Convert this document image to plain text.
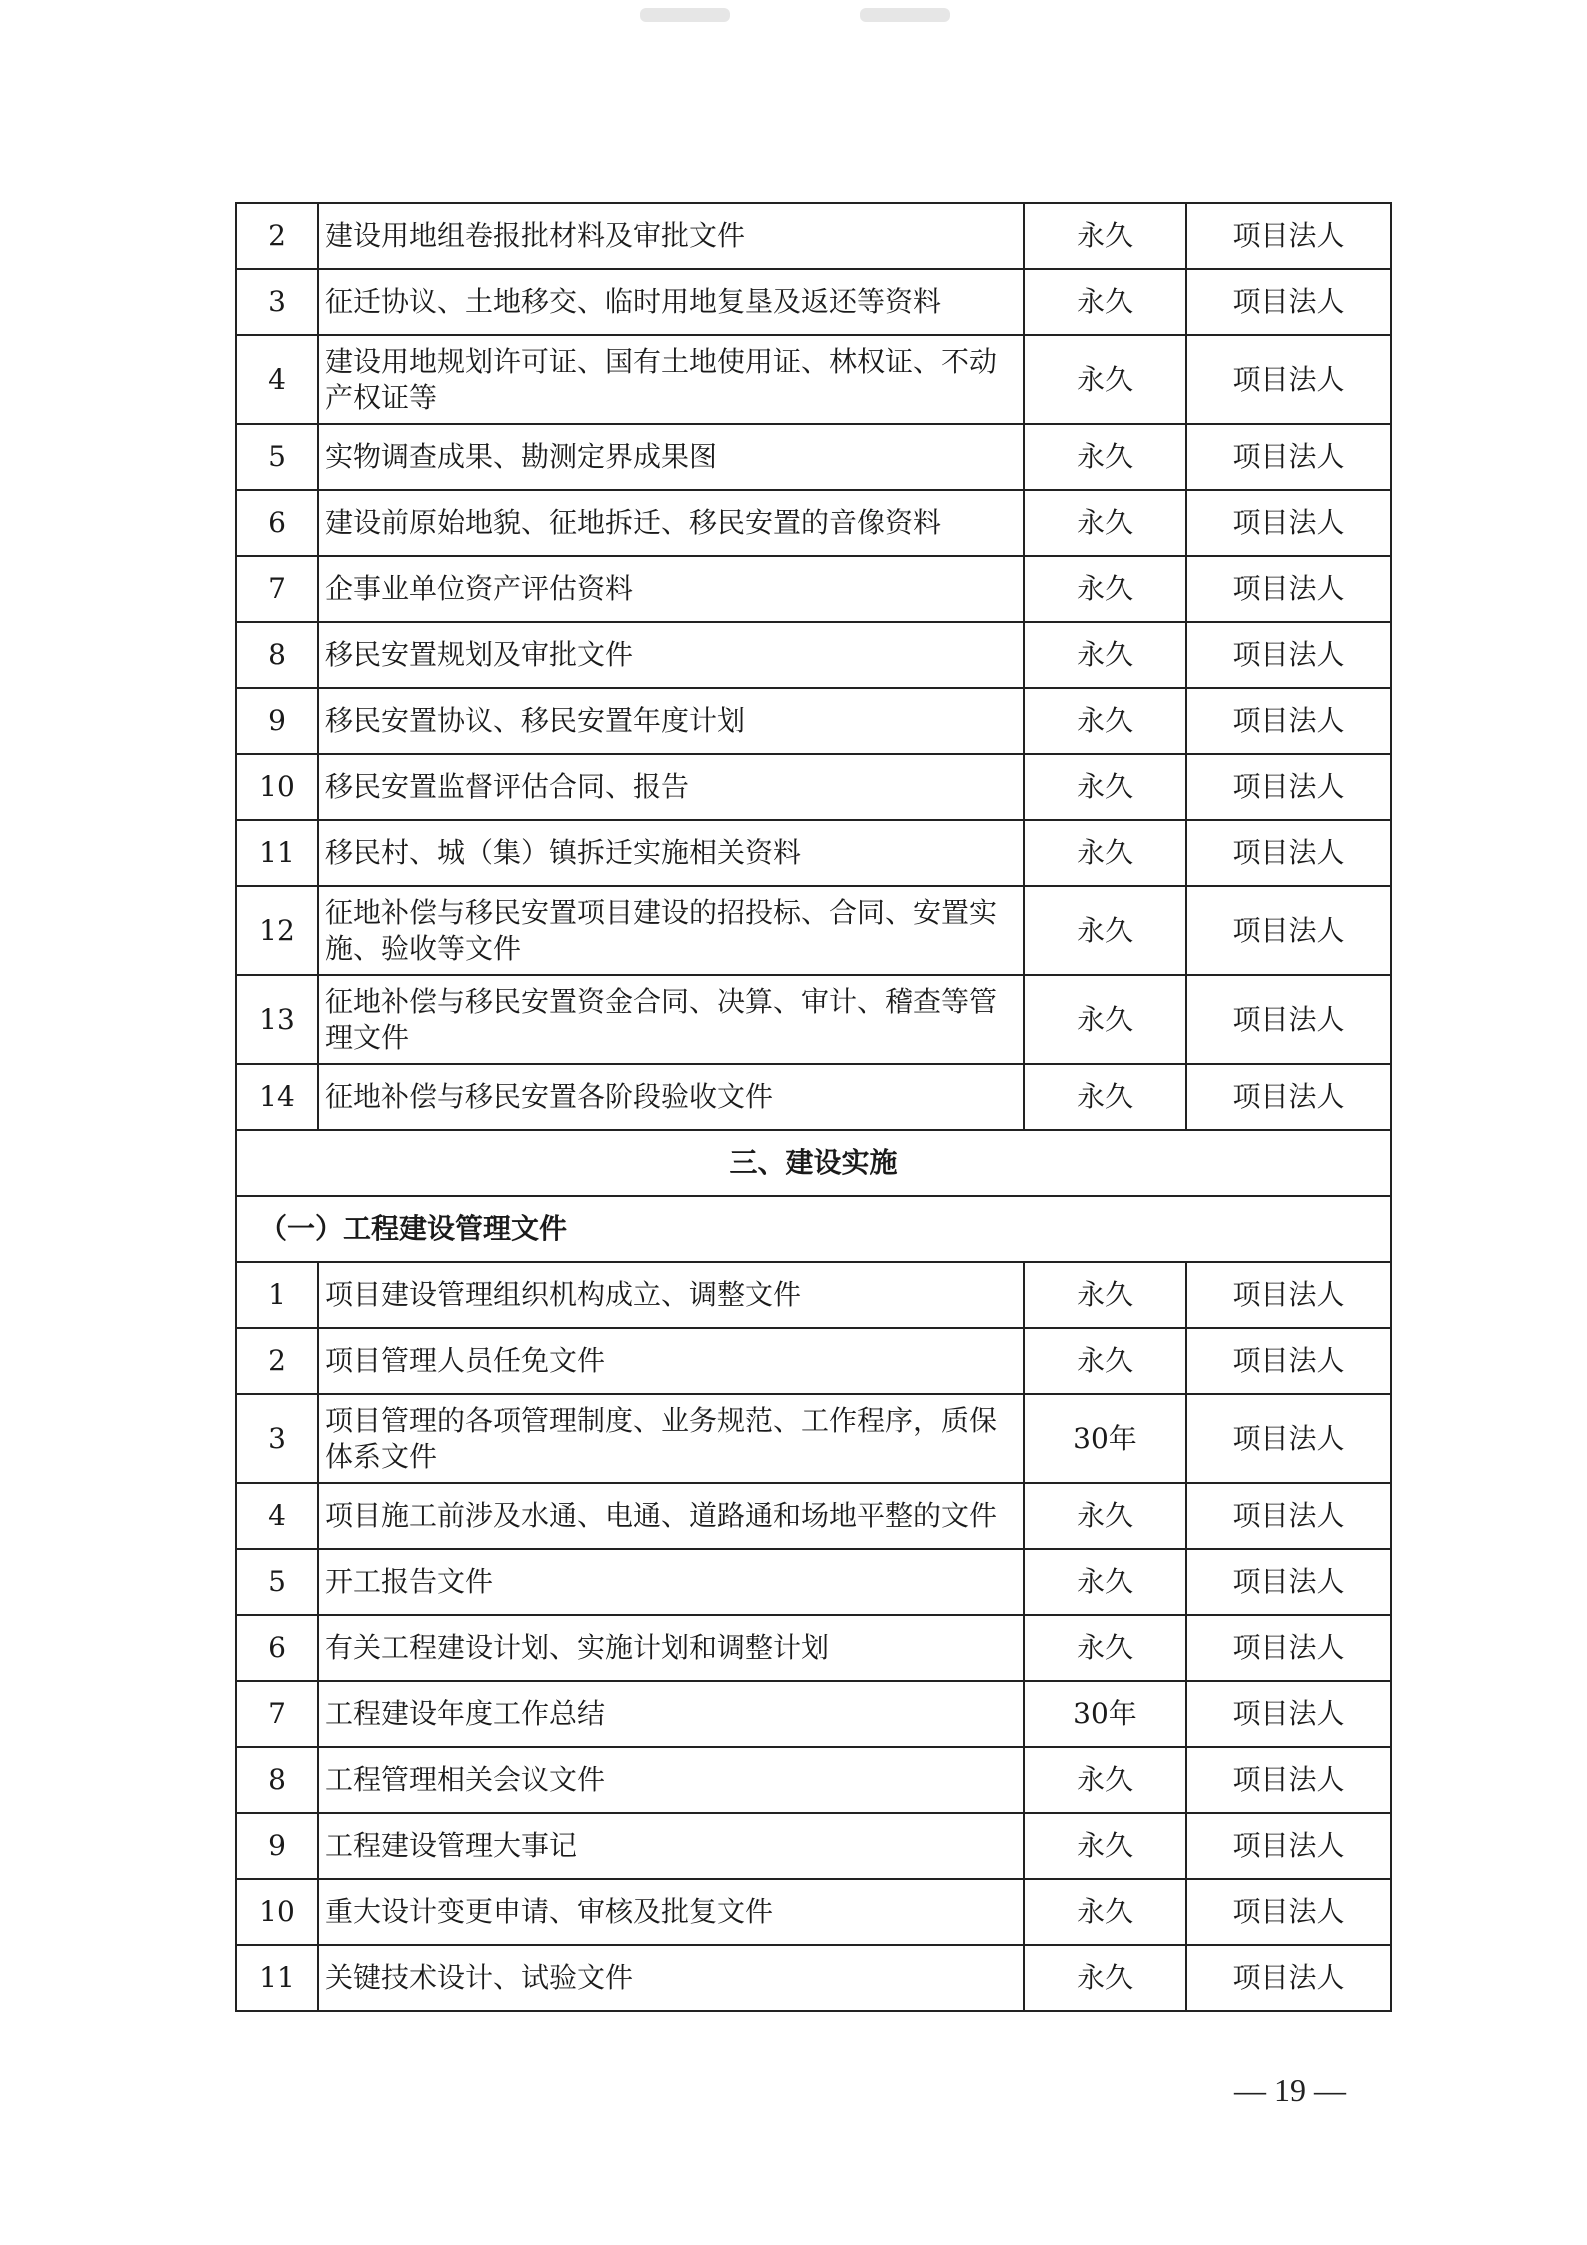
2	建设用地组卷报批材料及审批文件	永久	项目法人
3	征迁协议、土地移交、临时用地复垦及返还等资料	永久	项目法人
4	建设用地规划许可证、国有土地使用证、林权证、不动产权证等	永久	项目法人
5	实物调查成果、勘测定界成果图	永久	项目法人
6	建设前原始地貌、征地拆迁、移民安置的音像资料	永久	项目法人
7	企事业单位资产评估资料	永久	项目法人
8	移民安置规划及审批文件	永久	项目法人
9	移民安置协议、移民安置年度计划	永久	项目法人
10	移民安置监督评估合同、报告	永久	项目法人
11	移民村、城（集）镇拆迁实施相关资料	永久	项目法人
12	征地补偿与移民安置项目建设的招投标、合同、安置实施、验收等文件	永久	项目法人
13	征地补偿与移民安置资金合同、决算、审计、稽查等管理文件	永久	项目法人
14	征地补偿与移民安置各阶段验收文件	永久	项目法人
三、建设实施			
（一）工程建设管理文件			
1	项目建设管理组织机构成立、调整文件	永久	项目法人
2	项目管理人员任免文件	永久	项目法人
3	项目管理的各项管理制度、业务规范、工作程序，质保体系文件	30年	项目法人
4	项目施工前涉及水通、电通、道路通和场地平整的文件	永久	项目法人
5	开工报告文件	永久	项目法人
6	有关工程建设计划、实施计划和调整计划	永久	项目法人
7	工程建设年度工作总结	30年	项目法人
8	工程管理相关会议文件	永久	项目法人
9	工程建设管理大事记	永久	项目法人
10	重大设计变更申请、审核及批复文件	永久	项目法人
11	关键技术设计、试验文件	永久	项目法人
— 19 —
